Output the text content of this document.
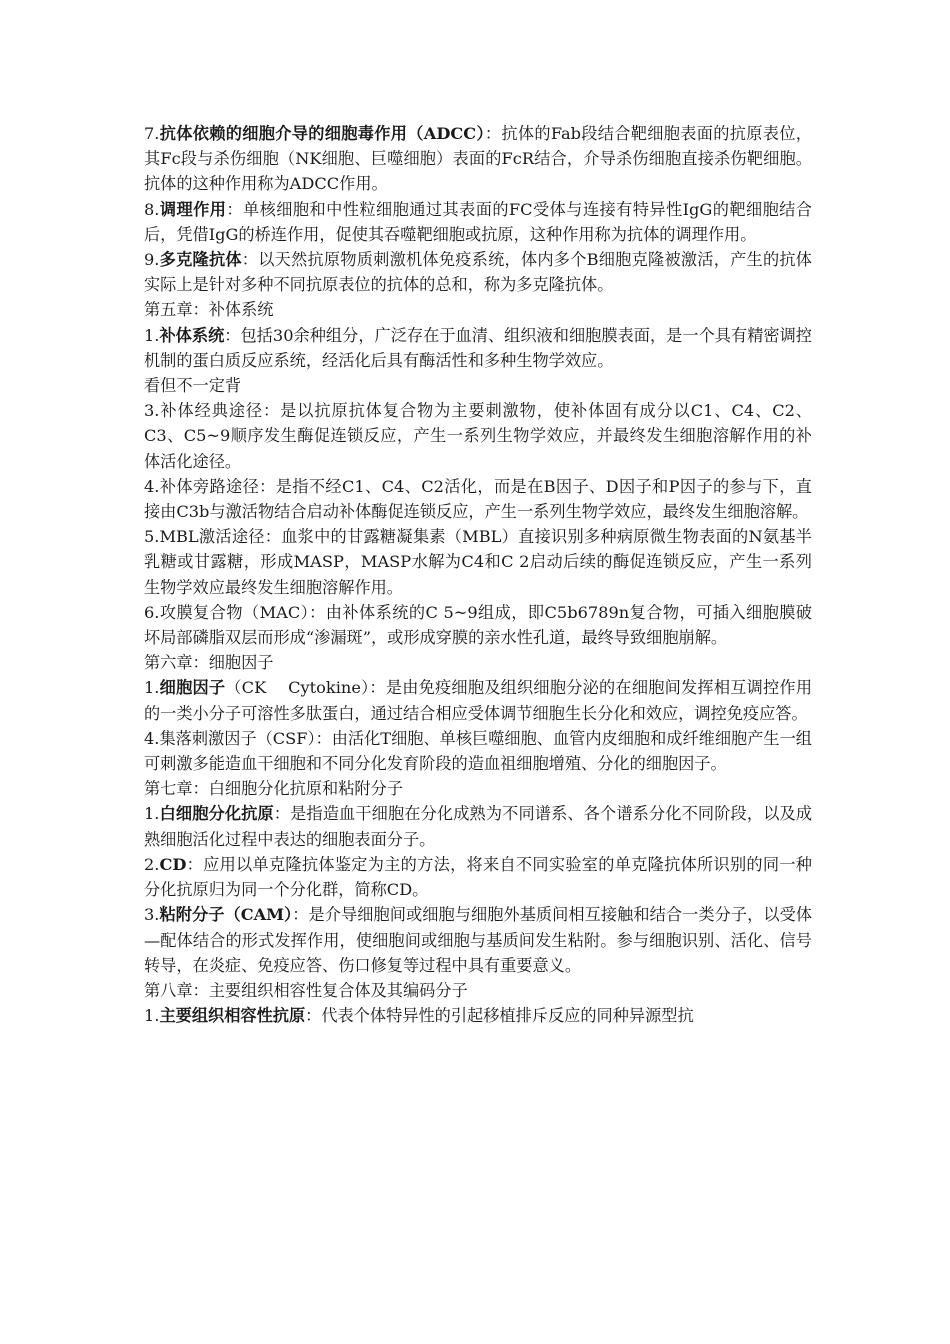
7.抗体依赖的细胞介导的细胞毒作用（ADCC）：抗体的Fab段结合靶细胞表面的抗原表位，其Fc段与杀伤细胞（NK细胞、巨噬细胞）表面的FcR结合，介导杀伤细胞直接杀伤靶细胞。抗体的这种作用称为ADCC作用。

8.调理作用：单核细胞和中性粒细胞通过其表面的FC受体与连接有特异性IgG的靶细胞结合后，凭借IgG的桥连作用，促使其吞噬靶细胞或抗原，这种作用称为抗体的调理作用。

9.多克隆抗体：以天然抗原物质刺激机体免疫系统，体内多个B细胞克隆被激活，产生的抗体实际上是针对多种不同抗原表位的抗体的总和，称为多克隆抗体。

第五章：补体系统

1.补体系统：包括30余种组分，广泛存在于血清、组织液和细胞膜表面，是一个具有精密调控机制的蛋白质反应系统，经活化后具有酶活性和多种生物学效应。

看但不一定背

3.补体经典途径：是以抗原抗体复合物为主要刺激物，使补体固有成分以C1、C4、C2、C3、C5~9顺序发生酶促连锁反应，产生一系列生物学效应，并最终发生细胞溶解作用的补体活化途径。

4.补体旁路途径：是指不经C1、C4、C2活化，而是在B因子、D因子和P因子的参与下，直接由C3b与激活物结合启动补体酶促连锁反应，产生一系列生物学效应，最终发生细胞溶解。

5.MBL激活途径：血浆中的甘露糖凝集素（MBL）直接识别多种病原微生物表面的N氨基半乳糖或甘露糖，形成MASP，MASP水解为C4和C 2启动后续的酶促连锁反应，产生一系列生物学效应最终发生细胞溶解作用。

6.攻膜复合物（MAC）：由补体系统的C 5~9组成，即C5b6789n复合物，可插入细胞膜破坏局部磷脂双层而形成“渗漏斑”，或形成穿膜的亲水性孔道，最终导致细胞崩解。

第六章：细胞因子

1.细胞因子（CK　 Cytokine）：是由免疫细胞及组织细胞分泌的在细胞间发挥相互调控作用的一类小分子可溶性多肽蛋白，通过结合相应受体调节细胞生长分化和效应，调控免疫应答。

4.集落刺激因子（CSF）：由活化T细胞、单核巨噬细胞、血管内皮细胞和成纤维细胞产生一组可刺激多能造血干细胞和不同分化发育阶段的造血祖细胞增殖、分化的细胞因子。

第七章：白细胞分化抗原和粘附分子

1.白细胞分化抗原：是指造血干细胞在分化成熟为不同谱系、各个谱系分化不同阶段，以及成熟细胞活化过程中表达的细胞表面分子。

2.CD：应用以单克隆抗体鉴定为主的方法，将来自不同实验室的单克隆抗体所识别的同一种分化抗原归为同一个分化群，简称CD。

3.粘附分子（CAM）：是介导细胞间或细胞与细胞外基质间相互接触和结合一类分子，以受体—配体结合的形式发挥作用，使细胞间或细胞与基质间发生粘附。参与细胞识别、活化、信号转导，在炎症、免疫应答、伤口修复等过程中具有重要意义。

第八章：主要组织相容性复合体及其编码分子

1.主要组织相容性抗原：代表个体特异性的引起移植排斥反应的同种异源型抗
